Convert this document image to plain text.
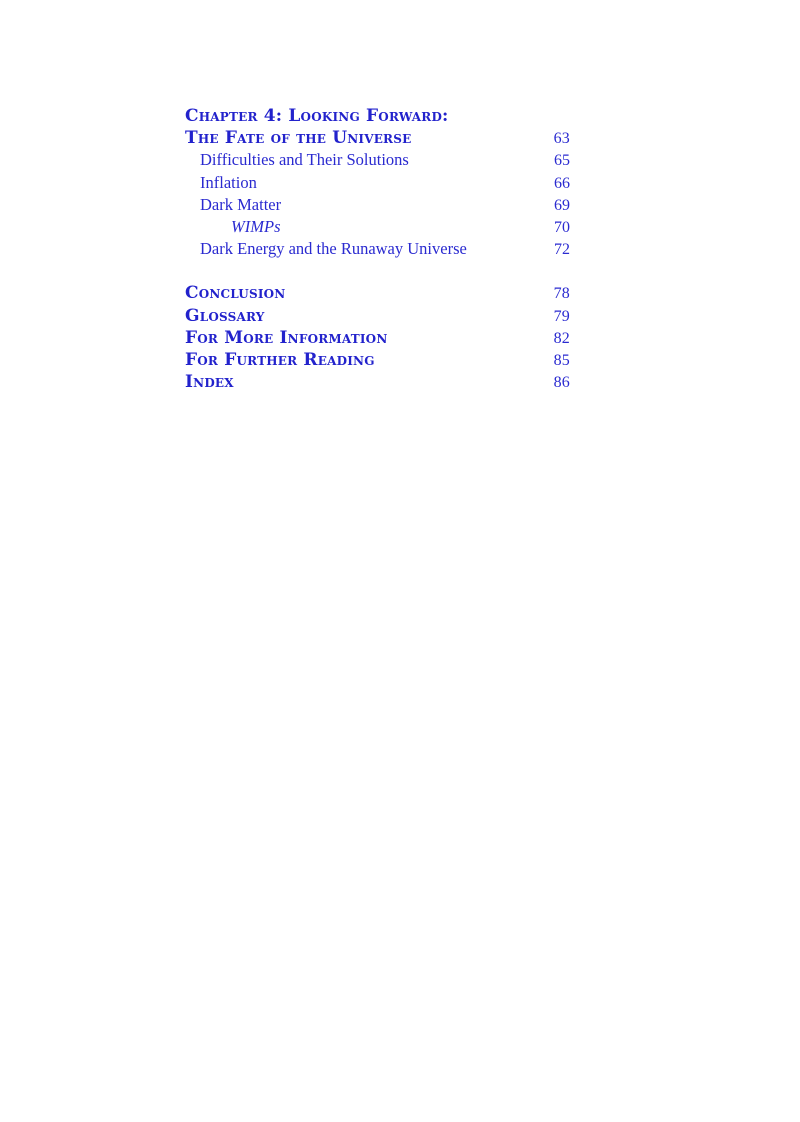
Chapter 4: Looking Forward:
The Fate of the Universe	63
Difficulties and Their Solutions	65
Inflation	66
Dark Matter	69
WIMPs	70
Dark Energy and the Runaway Universe	72
Conclusion	78
Glossary	79
For More Information	82
For Further Reading	85
Index	86
